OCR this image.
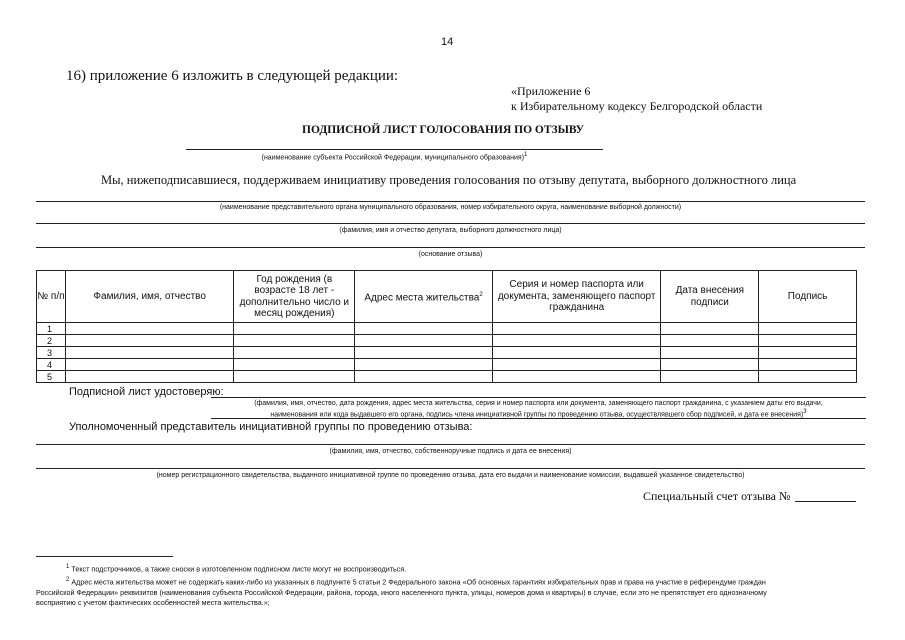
14
16) приложение 6 изложить в следующей редакции:
«Приложение 6
к Избирательному кодексу Белгородской области
ПОДПИСНОЙ ЛИСТ ГОЛОСОВАНИЯ ПО ОТЗЫВУ
(наименование субъекта Российской Федерации, муниципального образования)1
Мы, нижеподписавшиеся, поддерживаем инициативу проведения голосования по отзыву депутата, выборного должностного лица
(наименование представительного органа муниципального образования, номер избирательного округа, наименование выборной должности)
(фамилия, имя и отчество депутата, выборного должностного лица)
(основание отзыва)
№ п/п	Фамилия, имя, отчество	Год рождения (в возрасте 18 лет - дополнительно число и месяц рождения)	Адрес места жительства$^2$	Серия и номер паспорта или документа, заменяющего паспорт гражданина	Дата внесения подписи	Подпись
1						
2						
3						
4						
5						
Подписной лист удостоверяю:
(фамилия, имя, отчество, дата рождения, адрес места жительства, серия и номер паспорта или документа, заменяющего паспорт гражданина, с указанием даты его выдачи,
наименования или кода выдавшего его органа, подпись члена инициативной группы по проведению отзыва, осуществлявшего сбор подписей, и дата ее внесения)3
Уполномоченный представитель инициативной группы по проведению отзыва:
(фамилия, имя, отчество, собственноручные подпись и дата ее внесения)
(номер регистрационного свидетельства, выданного инициативной группе по проведению отзыва, дата его выдачи и наименование комиссии, выдавшей указанное свидетельство)
Специальный счет отзыва №
$^1$ Текст подстрочников, а также сноски в изготовленном подписном листе могут не воспроизводиться.
$^2$ Адрес места жительства может не содержать каких-либо из указанных в подпункте 5 статьи 2 Федерального закона «Об основных гарантиях избирательных прав и права на участие в референдуме граждан
Российской Федерации» реквизитов (наименования субъекта Российской Федерации, района, города, иного населенного пункта, улицы, номеров дома и квартиры) в случае, если это не препятствует его однозначному
восприятию с учетом фактических особенностей места жительства.»;
